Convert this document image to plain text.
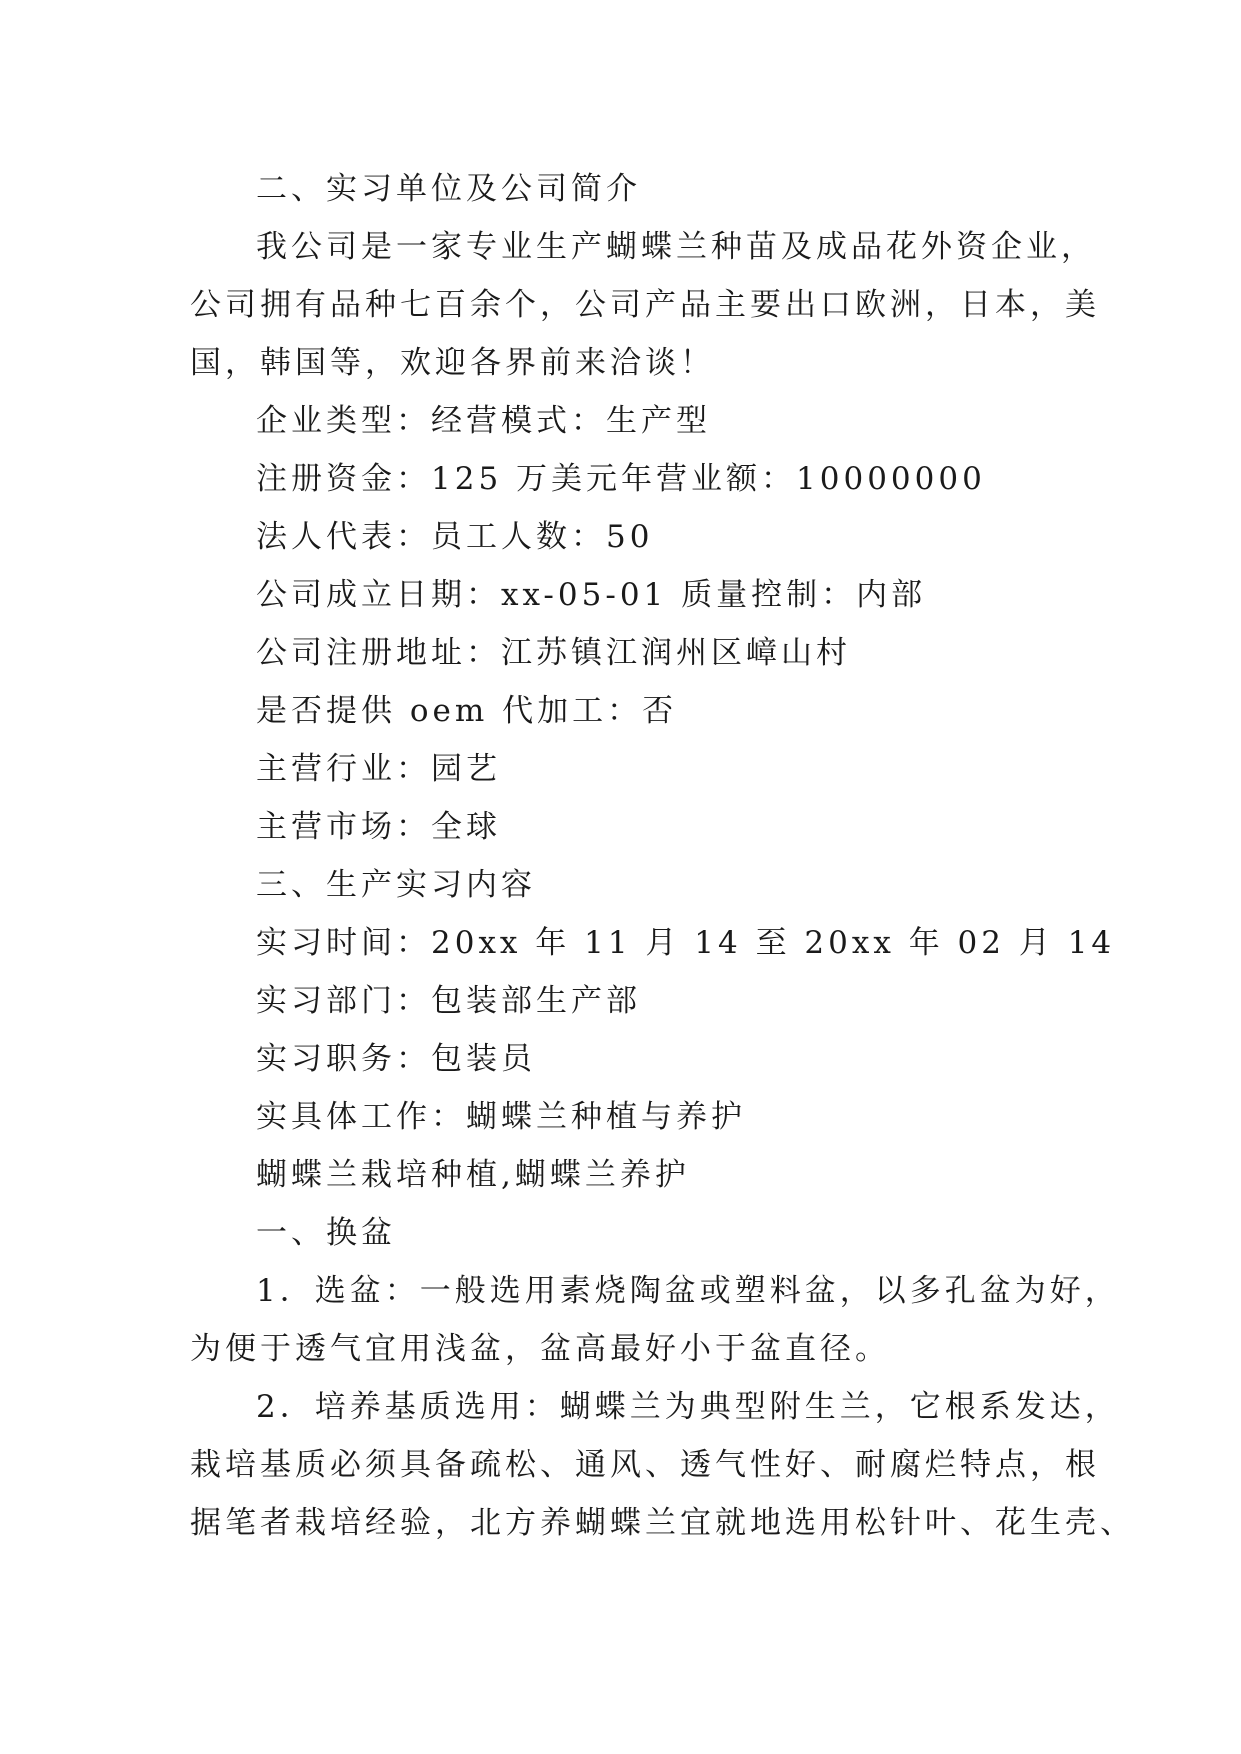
二、实习单位及公司简介
我公司是一家专业生产蝴蝶兰种苗及成品花外资企业，
公司拥有品种七百余个，公司产品主要出口欧洲，日本，美
国，韩国等，欢迎各界前来洽谈！
企业类型：经营模式：生产型
注册资金：125 万美元年营业额：10000000
法人代表：员工人数：50
公司成立日期：xx-05-01 质量控制：内部
公司注册地址：江苏镇江润州区嶂山村
是否提供 oem 代加工：否
主营行业：园艺
主营市场：全球
三、生产实习内容
实习时间：20xx 年 11 月 14 至 20xx 年 02 月 14
实习部门：包装部生产部
实习职务：包装员
实具体工作：蝴蝶兰种植与养护
蝴蝶兰栽培种植,蝴蝶兰养护
一、换盆
1．选盆：一般选用素烧陶盆或塑料盆，以多孔盆为好，
为便于透气宜用浅盆，盆高最好小于盆直径。
2．培养基质选用：蝴蝶兰为典型附生兰，它根系发达，
栽培基质必须具备疏松、通风、透气性好、耐腐烂特点，根
据笔者栽培经验，北方养蝴蝶兰宜就地选用松针叶、花生壳、
